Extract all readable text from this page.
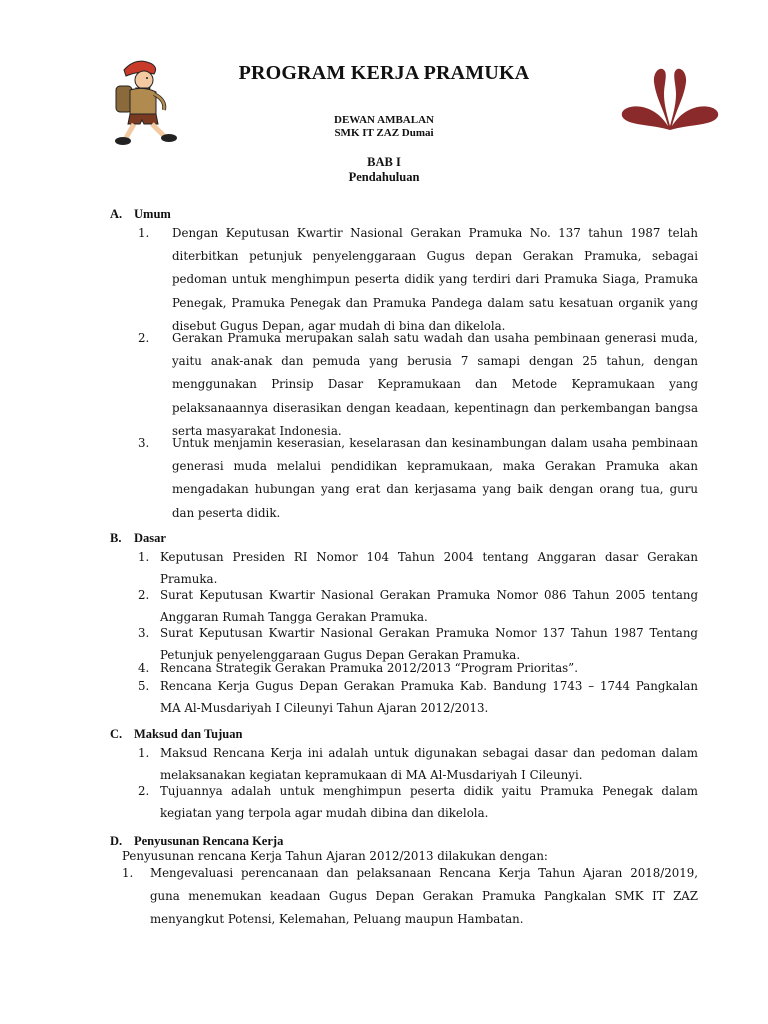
PROGRAM KERJA PRAMUKA
DEWAN AMBALAN
SMK IT ZAZ Dumai
BAB I
Pendahuluan
A. Umum
1. Dengan Keputusan Kwartir Nasional Gerakan Pramuka No. 137 tahun 1987 telah diterbitkan petunjuk penyelenggaraan Gugus depan Gerakan Pramuka, sebagai pedoman untuk menghimpun peserta didik yang terdiri dari Pramuka Siaga, Pramuka Penegak, Pramuka Penegak dan Pramuka Pandega dalam satu kesatuan organik yang disebut Gugus Depan, agar mudah di bina dan dikelola.
2. Gerakan Pramuka merupakan salah satu wadah dan usaha pembinaan generasi muda, yaitu anak-anak dan pemuda yang berusia 7 samapi dengan 25 tahun, dengan menggunakan Prinsip Dasar Kepramukaan dan Metode Kepramukaan yang pelaksanaannya diserasikan dengan keadaan, kepentinagn dan perkembangan bangsa serta masyarakat Indonesia.
3. Untuk menjamin keserasian, keselarasan dan kesinambungan dalam usaha pembinaan generasi muda melalui pendidikan kepramukaan, maka Gerakan Pramuka akan mengadakan hubungan yang erat dan kerjasama yang baik dengan orang tua, guru dan peserta didik.
B. Dasar
1. Keputusan Presiden RI Nomor 104 Tahun 2004 tentang Anggaran dasar Gerakan Pramuka.
2. Surat Keputusan Kwartir Nasional Gerakan Pramuka Nomor 086 Tahun 2005 tentang Anggaran Rumah Tangga Gerakan Pramuka.
3. Surat Keputusan Kwartir Nasional Gerakan Pramuka Nomor 137 Tahun 1987 Tentang Petunjuk penyelenggaraan Gugus Depan Gerakan Pramuka.
4. Rencana Strategik Gerakan Pramuka 2012/2013 “Program Prioritas”.
5. Rencana Kerja Gugus Depan Gerakan Pramuka Kab. Bandung 1743 – 1744 Pangkalan MA Al-Musdariyah I Cileunyi Tahun Ajaran 2012/2013.
C. Maksud dan Tujuan
1. Maksud Rencana Kerja ini adalah untuk digunakan sebagai dasar dan pedoman dalam melaksanakan kegiatan kepramukaan di MA Al-Musdariyah I Cileunyi.
2. Tujuannya adalah untuk menghimpun peserta didik yaitu Pramuka Penegak dalam kegiatan yang terpola agar mudah dibina dan dikelola.
D. Penyusunan Rencana Kerja
Penyusunan rencana Kerja Tahun Ajaran 2012/2013 dilakukan dengan:
1. Mengevaluasi perencanaan dan pelaksanaan Rencana Kerja Tahun Ajaran 2018/2019, guna menemukan keadaan Gugus Depan Gerakan Pramuka Pangkalan SMK IT ZAZ menyangkut Potensi, Kelemahan, Peluang maupun Hambatan.
